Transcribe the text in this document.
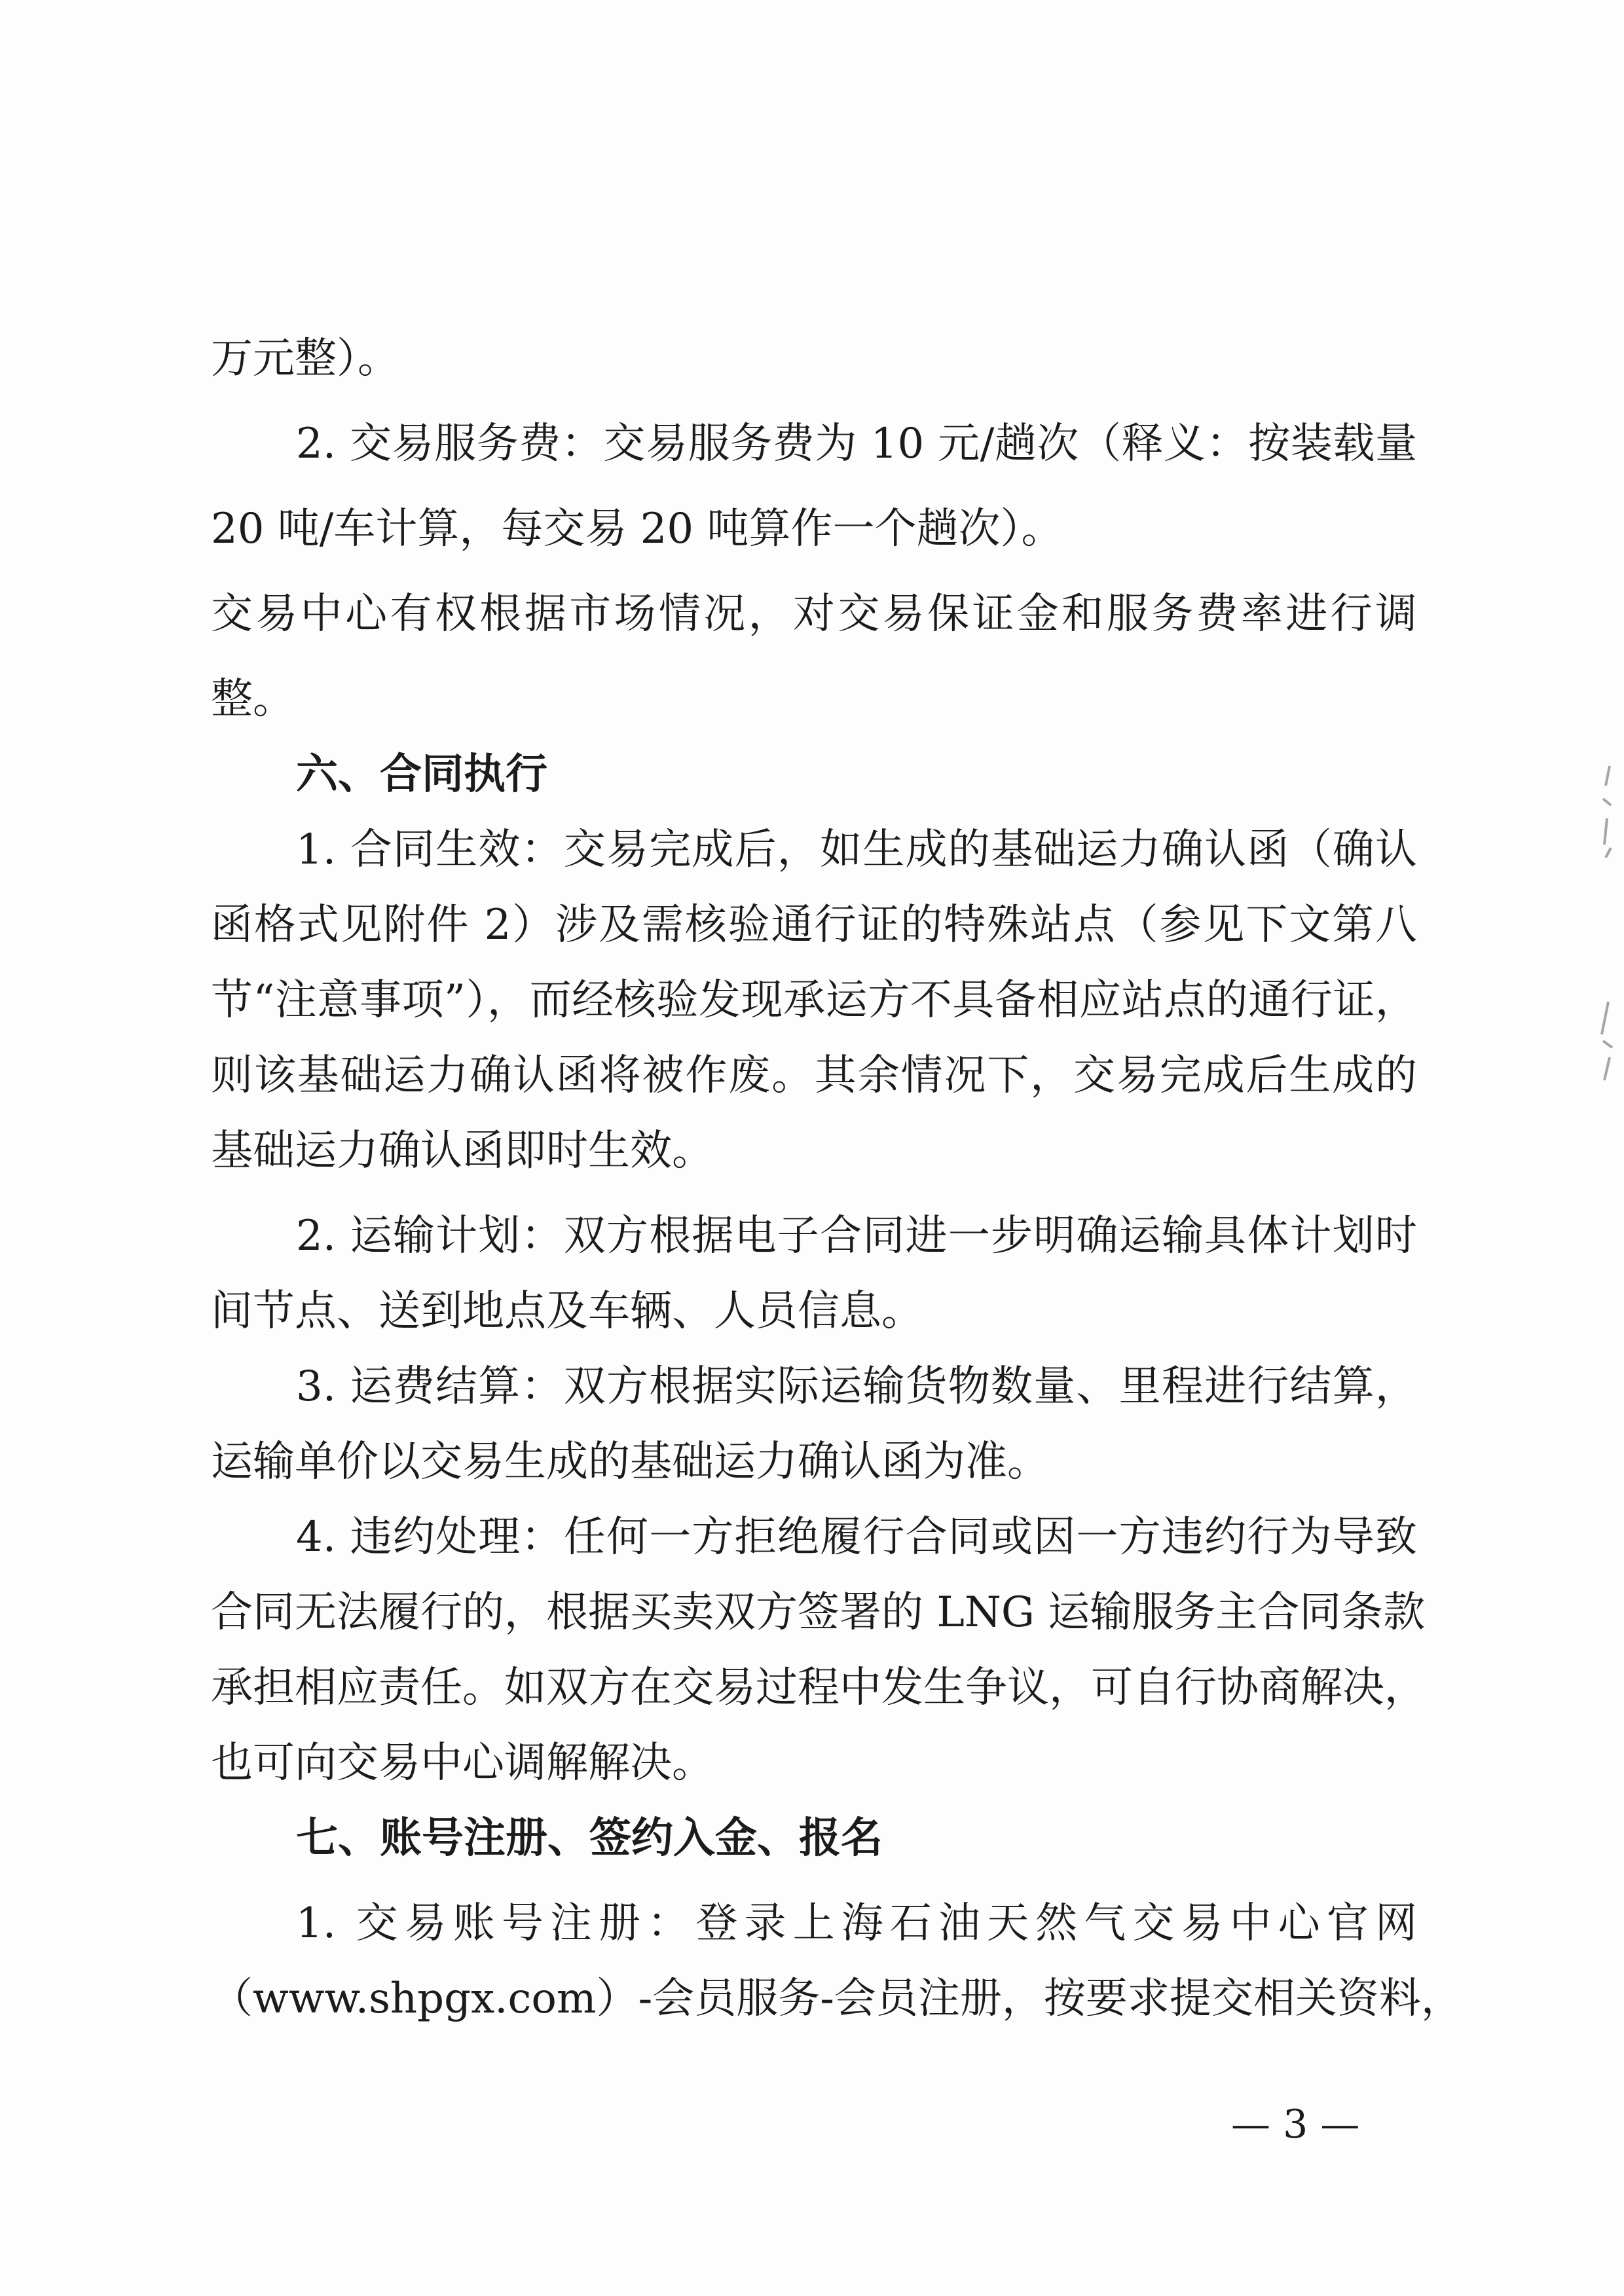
万元整）。
2. 交易服务费：交易服务费为 10 元/趟次（释义：按装载量
20 吨/车计算，每交易 20 吨算作一个趟次）。
交易中心有权根据市场情况，对交易保证金和服务费率进行调
整。
六、合同执行
1. 合同生效：交易完成后，如生成的基础运力确认函（确认
函格式见附件 2）涉及需核验通行证的特殊站点（参见下文第八
节“注意事项”），而经核验发现承运方不具备相应站点的通行证，
则该基础运力确认函将被作废。其余情况下，交易完成后生成的
基础运力确认函即时生效。
2. 运输计划：双方根据电子合同进一步明确运输具体计划时
间节点、送到地点及车辆、人员信息。
3. 运费结算：双方根据实际运输货物数量、里程进行结算，
运输单价以交易生成的基础运力确认函为准。
4. 违约处理：任何一方拒绝履行合同或因一方违约行为导致
合同无法履行的，根据买卖双方签署的 LNG 运输服务主合同条款
承担相应责任。如双方在交易过程中发生争议，可自行协商解决，
也可向交易中心调解解决。
七、账号注册、签约入金、报名
1. 交易账号注册：登录上海石油天然气交易中心官网
（www.shpgx.com）-会员服务-会员注册，按要求提交相关资料，
— 3 —
